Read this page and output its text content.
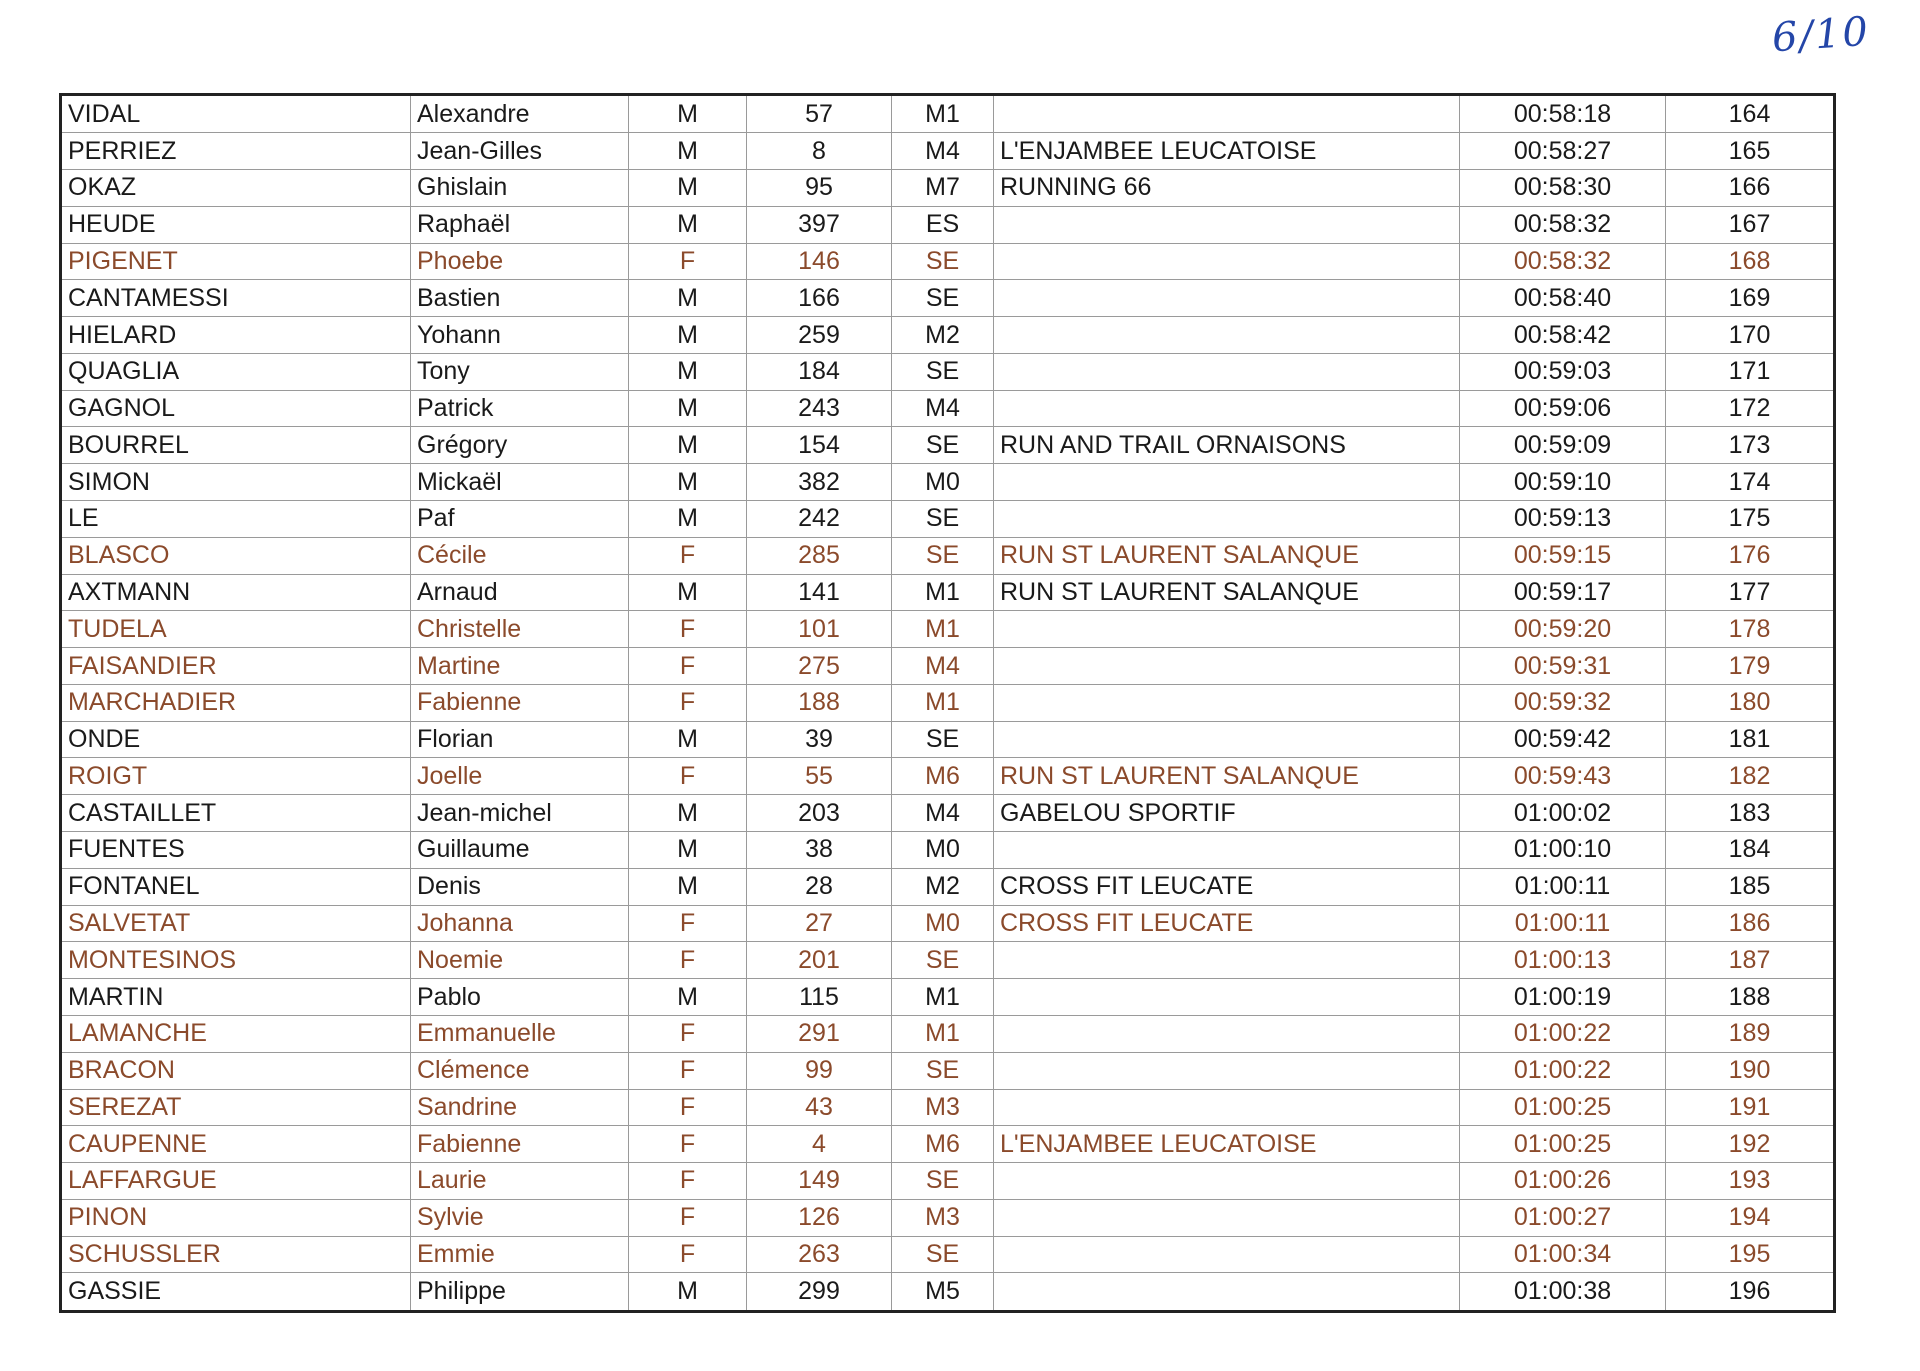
6/10
VIDAL	Alexandre	M	57	M1		00:58:18	164
PERRIEZ	Jean-Gilles	M	8	M4	L'ENJAMBEE LEUCATOISE	00:58:27	165
OKAZ	Ghislain	M	95	M7	RUNNING 66	00:58:30	166
HEUDE	Raphaël	M	397	ES		00:58:32	167
PIGENET	Phoebe	F	146	SE		00:58:32	168
CANTAMESSI	Bastien	M	166	SE		00:58:40	169
HIELARD	Yohann	M	259	M2		00:58:42	170
QUAGLIA	Tony	M	184	SE		00:59:03	171
GAGNOL	Patrick	M	243	M4		00:59:06	172
BOURREL	Grégory	M	154	SE	RUN AND TRAIL ORNAISONS	00:59:09	173
SIMON	Mickaël	M	382	M0		00:59:10	174
LE	Paf	M	242	SE		00:59:13	175
BLASCO	Cécile	F	285	SE	RUN ST LAURENT SALANQUE	00:59:15	176
AXTMANN	Arnaud	M	141	M1	RUN ST LAURENT SALANQUE	00:59:17	177
TUDELA	Christelle	F	101	M1		00:59:20	178
FAISANDIER	Martine	F	275	M4		00:59:31	179
MARCHADIER	Fabienne	F	188	M1		00:59:32	180
ONDE	Florian	M	39	SE		00:59:42	181
ROIGT	Joelle	F	55	M6	RUN ST LAURENT SALANQUE	00:59:43	182
CASTAILLET	Jean-michel	M	203	M4	GABELOU SPORTIF	01:00:02	183
FUENTES	Guillaume	M	38	M0		01:00:10	184
FONTANEL	Denis	M	28	M2	CROSS FIT LEUCATE	01:00:11	185
SALVETAT	Johanna	F	27	M0	CROSS FIT LEUCATE	01:00:11	186
MONTESINOS	Noemie	F	201	SE		01:00:13	187
MARTIN	Pablo	M	115	M1		01:00:19	188
LAMANCHE	Emmanuelle	F	291	M1		01:00:22	189
BRACON	Clémence	F	99	SE		01:00:22	190
SEREZAT	Sandrine	F	43	M3		01:00:25	191
CAUPENNE	Fabienne	F	4	M6	L'ENJAMBEE LEUCATOISE	01:00:25	192
LAFFARGUE	Laurie	F	149	SE		01:00:26	193
PINON	Sylvie	F	126	M3		01:00:27	194
SCHUSSLER	Emmie	F	263	SE		01:00:34	195
GASSIE	Philippe	M	299	M5		01:00:38	196
